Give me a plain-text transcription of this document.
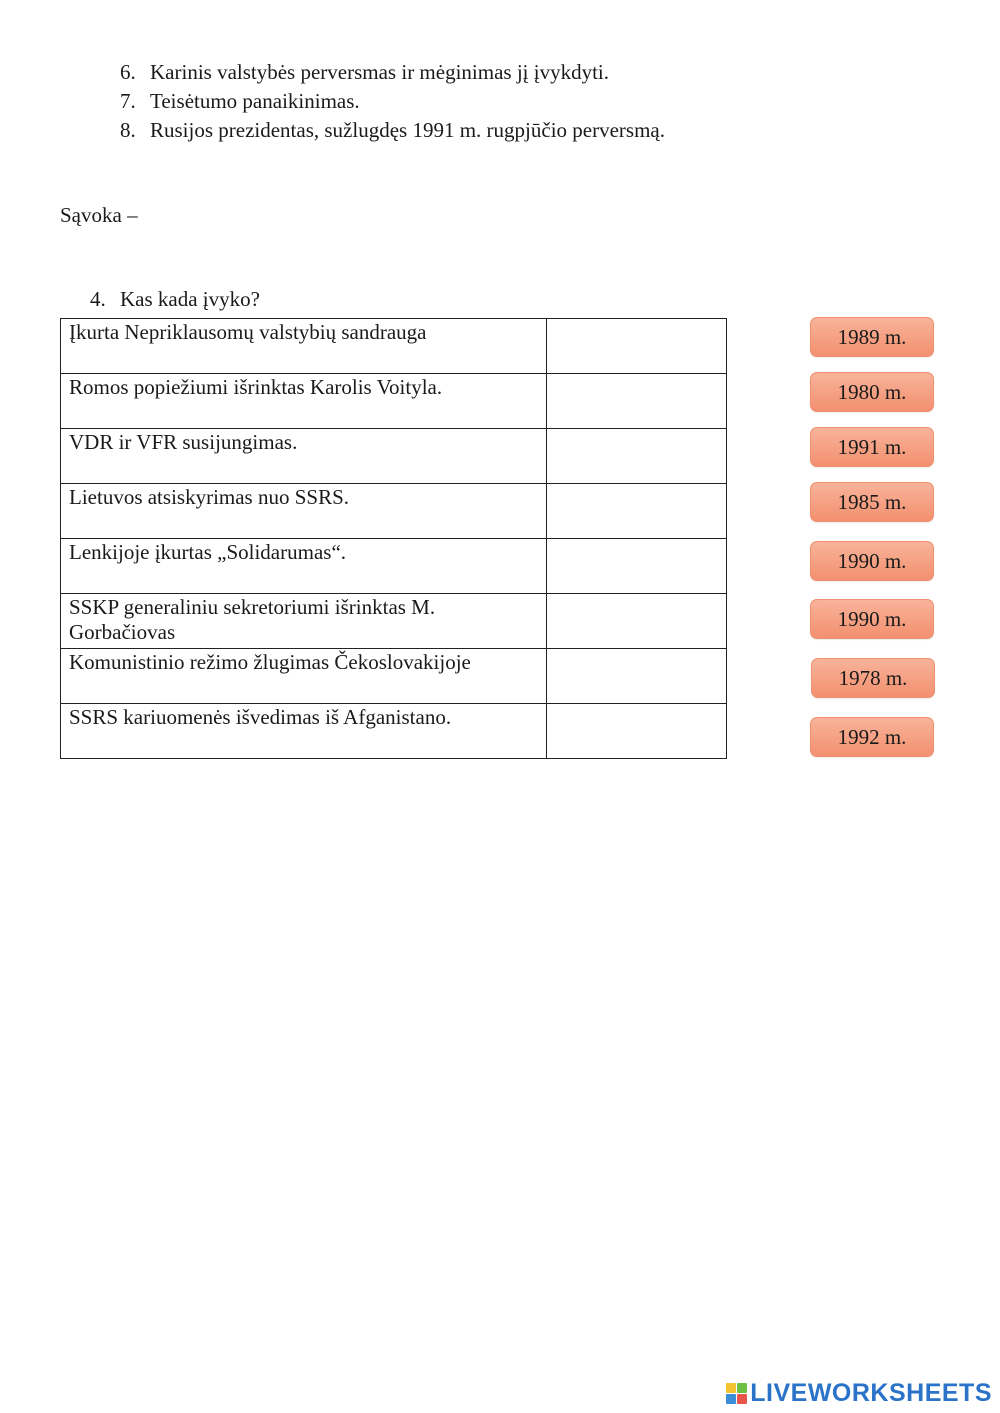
6. Karinis valstybės perversmas ir mėginimas jį įvykdyti.
7. Teisėtumo panaikinimas.
8. Rusijos prezidentas, sužlugdęs 1991 m. rugpjūčio perversmą.
Sąvoka –
4. Kas kada įvyko?
Įkurta Nepriklausomų valstybių sandrauga	

Romos popiežiumi išrinktas Karolis Voityla.	

VDR ir VFR susijungimas.	

Lietuvos atsiskyrimas nuo SSRS.	

Lenkijoje įkurtas „Solidarumas“.	

SSKP generaliniu sekretoriumi išrinktas M. Gorbačiovas	

Komunistinio režimo žlugimas Čekoslovakijoje	

SSRS kariuomenės išvedimas iš Afganistano.	
1989 m.
1980 m.
1991 m.
1985 m.
1990 m.
1990 m.
1978 m.
1992 m.
LIVEWORKSHEETS
